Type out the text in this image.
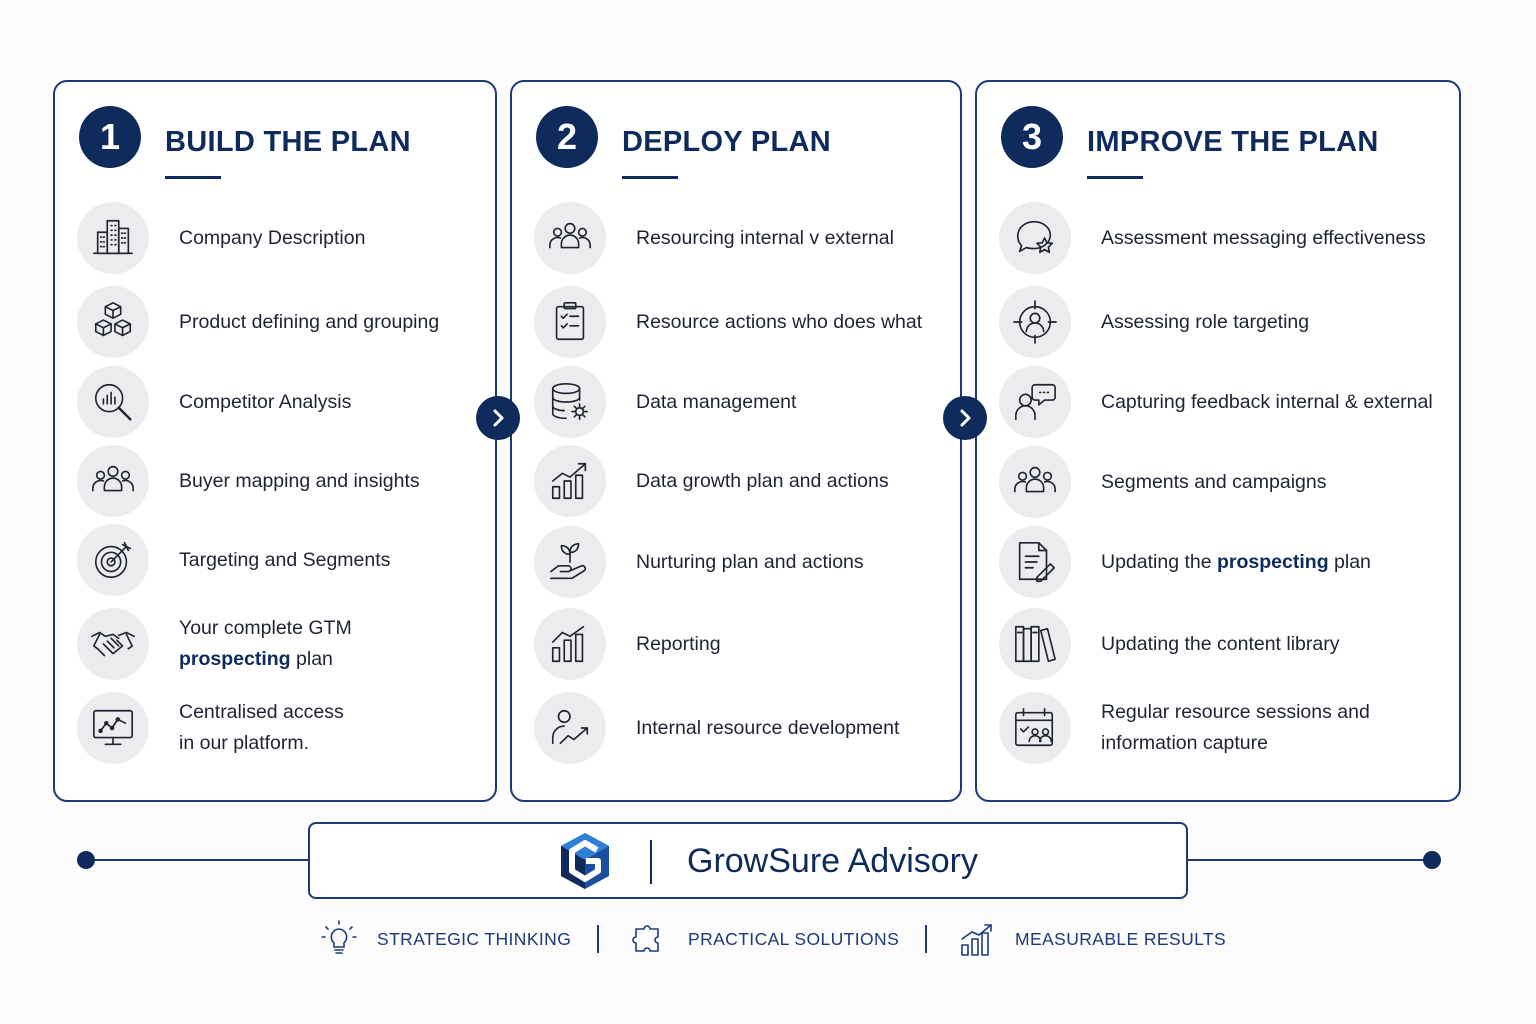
1	BUILD THE PLAN
Company Description
Product defining and grouping
Competitor Analysis
Buyer mapping and insights
Targeting and Segments
Your complete GTM
prospecting plan
Centralised access
in our platform.
2	DEPLOY PLAN
Resourcing internal v external
Resource actions who does what
Data management
Data growth plan and actions
Nurturing plan and actions
Reporting
Internal resource development
3	IMPROVE THE PLAN
Assessment messaging effectiveness
Assessing role targeting
Capturing feedback internal & external
Segments and campaigns
Updating the prospecting plan
Updating the content library
Regular resource sessions and
information capture
GrowSure Advisory
STRATEGIC THINKING	PRACTICAL SOLUTIONS	MEASURABLE RESULTS
